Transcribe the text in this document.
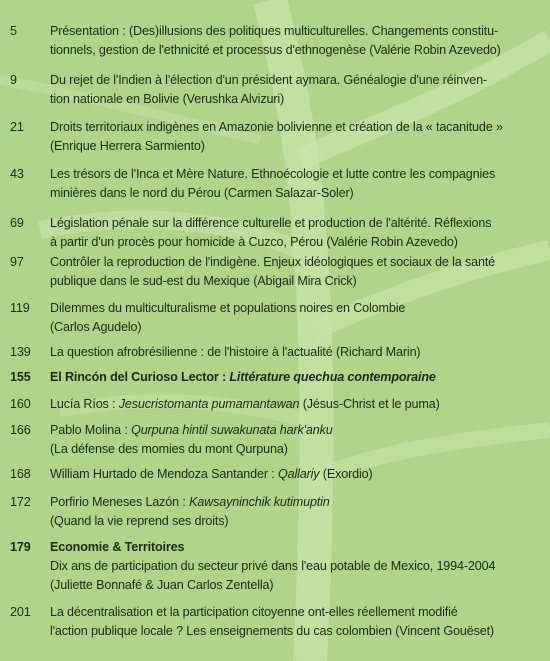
5	Présentation : (Des)illusions des politiques multiculturelles. Changements constitu-
tionnels, gestion de l'ethnicité et processus d'ethnogenèse (Valérie Robin Azevedo)
9	Du rejet de l'Indien à l'élection d'un président aymara. Généalogie d'une réinven-
tion nationale en Bolivie (Verushka Alvizuri)
21	Droits territoriaux indigènes en Amazonie bolivienne et création de la « tacanitude »
(Enrique Herrera Sarmiento)
43	Les trésors de l'Inca et Mère Nature. Ethnoécologie et lutte contre les compagnies
minières dans le nord du Pérou (Carmen Salazar-Soler)
69	Législation pénale sur la différence culturelle et production de l'altérité. Réflexions
à partir d'un procès pour homicide à Cuzco, Pérou (Valérie Robin Azevedo)
97	Contrôler la reproduction de l'indigène. Enjeux idéologiques et sociaux de la santé
publique dans le sud-est du Mexique (Abigail Mira Crick)
119	Dilemmes du multiculturalisme et populations noires en Colombie
(Carlos Agudelo)
139	La question afrobrésilienne : de l'histoire à l'actualité (Richard Marin)
155	El Rincón del Curioso Lector : Littérature quechua contemporaine
160	Lucía Ríos : Jesucristomanta pumamantawan (Jésus-Christ et le puma)
166	Pablo Molina : Qurpuna hintil suwakunata hark'anku
(La défense des momies du mont Qurpuna)
168	William Hurtado de Mendoza Santander : Qallariy (Exordio)
172	Porfirio Meneses Lazón : Kawsayninchik kutimuptin
(Quand la vie reprend ses droits)
179	Economie & Territoires
Dix ans de participation du secteur privé dans l'eau potable de Mexico, 1994-2004
(Juliette Bonnafé & Juan Carlos Zentella)
201	La décentralisation et la participation citoyenne ont-elles réellement modifié
l'action publique locale ? Les enseignements du cas colombien (Vincent Gouëset)
